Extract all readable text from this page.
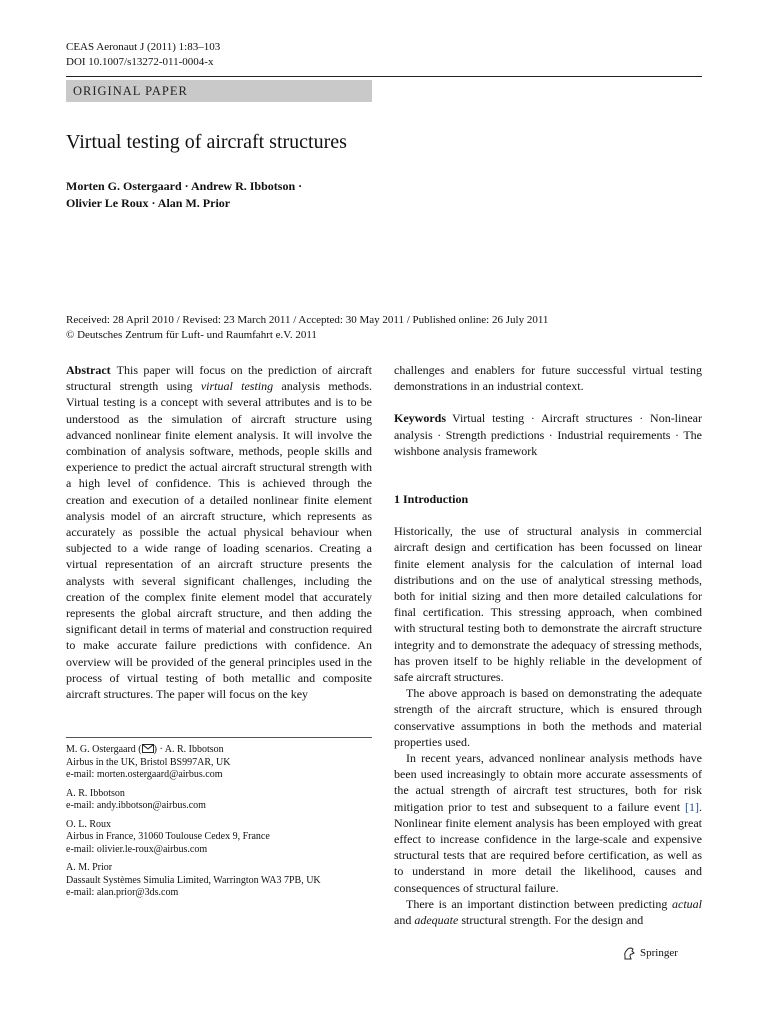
CEAS Aeronaut J (2011) 1:83–103
DOI 10.1007/s13272-011-0004-x
ORIGINAL PAPER
Virtual testing of aircraft structures
Morten G. Ostergaard · Andrew R. Ibbotson ·
Olivier Le Roux · Alan M. Prior
Received: 28 April 2010 / Revised: 23 March 2011 / Accepted: 30 May 2011 / Published online: 26 July 2011
© Deutsches Zentrum für Luft- und Raumfahrt e.V. 2011

Abstract This paper will focus on the prediction of aircraft structural strength using virtual testing analysis methods. Virtual testing is a concept with several attributes and is to be understood as the simulation of aircraft structure using advanced nonlinear finite element analysis. It will involve the combination of analysis software, methods, people skills and experience to predict the actual aircraft structural strength with a high level of confidence. This is achieved through the creation and execution of a detailed nonlinear finite element analysis model of an aircraft structure, which represents as accurately as possible the actual physical behaviour when subjected to a wide range of loading scenarios. Creating a virtual representation of an aircraft structure presents the analysts with several significant challenges, including the creation of the complex finite element model that accurately represents the global aircraft structure, and then adding the significant detail in terms of material and construction required to make accurate failure predictions with confidence. An overview will be provided of the general principles used in the process of virtual testing of both metallic and composite aircraft structures. The paper will focus on the key

M. G. Ostergaard ( ) · A. R. Ibbotson
Airbus in the UK, Bristol BS997AR, UK
e-mail: morten.ostergaard@airbus.com
A. R. Ibbotson
e-mail: andy.ibbotson@airbus.com
O. L. Roux
Airbus in France, 31060 Toulouse Cedex 9, France
e-mail: olivier.le-roux@airbus.com
A. M. Prior
Dassault Systèmes Simulia Limited, Warrington WA3 7PB, UK
e-mail: alan.prior@3ds.com

challenges and enablers for future successful virtual testing demonstrations in an industrial context.

Keywords Virtual testing · Aircraft structures · Non-linear analysis · Strength predictions · Industrial requirements · The wishbone analysis framework

1 Introduction

Historically, the use of structural analysis in commercial aircraft design and certification has been focussed on linear finite element analysis for the calculation of internal load distributions and on the use of analytical stressing methods, both for initial sizing and then more detailed calculations for final certification. This stressing approach, when combined with structural testing both to demonstrate the aircraft structure integrity and to demonstrate the adequacy of stressing methods, has proven itself to be highly reliable in the development of safe aircraft structures.

The above approach is based on demonstrating the adequate strength of the aircraft structure, which is ensured through conservative assumptions in both the methods and material properties used.

In recent years, advanced nonlinear analysis methods have been used increasingly to obtain more accurate assessments of the actual strength of aircraft test structures, both for risk mitigation prior to test and subsequent to a failure event [1]. Nonlinear finite element analysis has been employed with great effect to increase confidence in the large-scale and expensive structural tests that are required before certification, as well as to understand in more detail the likelihood, causes and consequences of structural failure.

There is an important distinction between predicting actual and adequate structural strength. For the design and

Springer
